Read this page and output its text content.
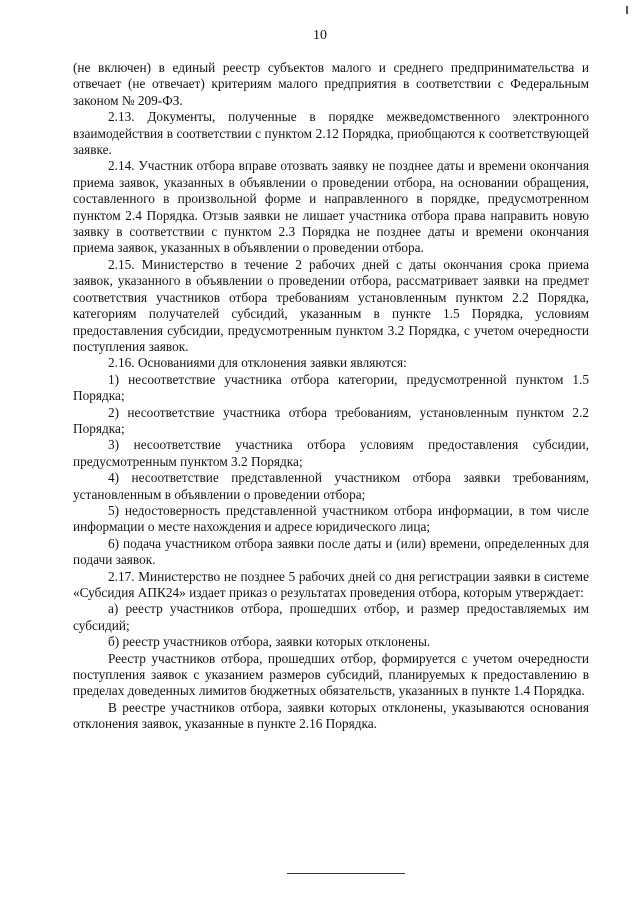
10

(не включен) в единый реестр субъектов малого и среднего предпринимательства и отвечает (не отвечает) критериям малого предприятия в соответствии с Федеральным законом № 209-ФЗ.

2.13. Документы, полученные в порядке межведомственного электронного взаимодействия в соответствии с пунктом 2.12 Порядка, приобщаются к соответствующей заявке.

2.14. Участник отбора вправе отозвать заявку не позднее даты и времени окончания приема заявок, указанных в объявлении о проведении отбора, на основании обращения, составленного в произвольной форме и направленного в порядке, предусмотренном пунктом 2.4 Порядка. Отзыв заявки не лишает участника отбора права направить новую заявку в соответствии с пунктом 2.3 Порядка не позднее даты и времени окончания приема заявок, указанных в объявлении о проведении отбора.

2.15. Министерство в течение 2 рабочих дней с даты окончания срока приема заявок, указанного в объявлении о проведении отбора, рассматривает заявки на предмет соответствия участников отбора требованиям установленным пунктом 2.2 Порядка, категориям получателей субсидий, указанным в пункте 1.5 Порядка, условиям предоставления субсидии, предусмотренным пунктом 3.2 Порядка, с учетом очередности поступления заявок.

2.16. Основаниями для отклонения заявки являются:

1) несоответствие участника отбора категории, предусмотренной пунктом 1.5 Порядка;

2) несоответствие участника отбора требованиям, установленным пунктом 2.2 Порядка;

3) несоответствие участника отбора условиям предоставления субсидии, предусмотренным пунктом 3.2 Порядка;

4) несоответствие представленной участником отбора заявки требованиям, установленным в объявлении о проведении отбора;

5) недостоверность представленной участником отбора информации, в том числе информации о месте нахождения и адресе юридического лица;

6) подача участником отбора заявки после даты и (или) времени, определенных для подачи заявок.

2.17. Министерство не позднее 5 рабочих дней со дня регистрации заявки в системе «Субсидия АПК24» издает приказ о результатах проведения отбора, которым утверждает:

а) реестр участников отбора, прошедших отбор, и размер предоставляемых им субсидий;

б) реестр участников отбора, заявки которых отклонены.

Реестр участников отбора, прошедших отбор, формируется с учетом очередности поступления заявок с указанием размеров субсидий, планируемых к предоставлению в пределах доведенных лимитов бюджетных обязательств, указанных в пункте 1.4 Порядка.

В реестре участников отбора, заявки которых отклонены, указываются основания отклонения заявок, указанные в пункте 2.16 Порядка.
